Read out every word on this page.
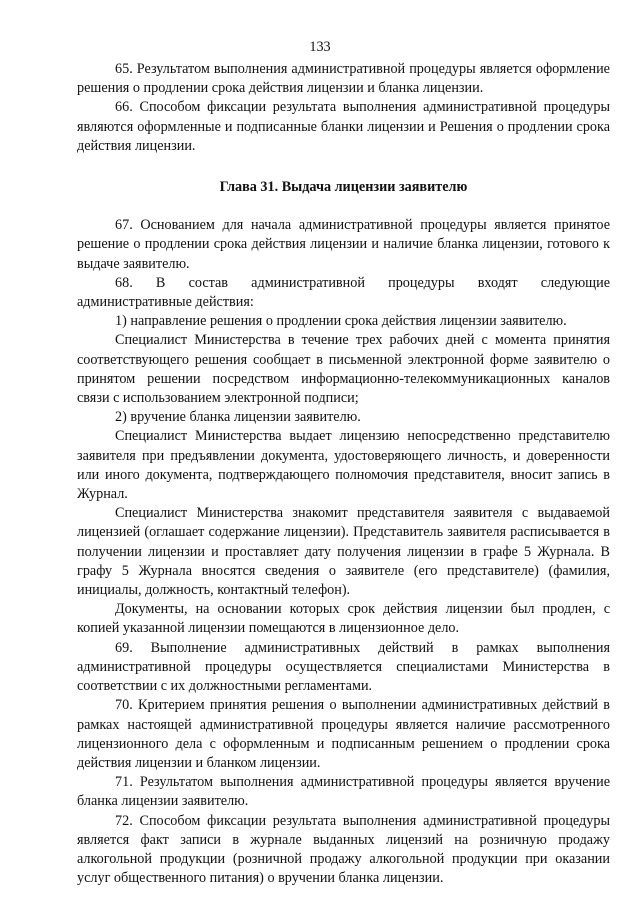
133

65. Результатом выполнения административной процедуры является оформление решения о продлении срока действия лицензии и бланка лицензии.

66. Способом фиксации результата выполнения административной процедуры являются оформленные и подписанные бланки лицензии и Решения о продлении срока действия лицензии.

Глава 31. Выдача лицензии заявителю

67. Основанием для начала административной процедуры является принятое решение о продлении срока действия лицензии и наличие бланка лицензии, готового к выдаче заявителю.

68. В состав административной процедуры входят следующие административные действия:

1) направление решения о продлении срока действия лицензии заявителю.

Специалист Министерства в течение трех рабочих дней с момента принятия соответствующего решения сообщает в письменной электронной форме заявителю о принятом решении посредством информационно-телекоммуникационных каналов связи с использованием электронной подписи;

2) вручение бланка лицензии заявителю.

Специалист Министерства выдает лицензию непосредственно представителю заявителя при предъявлении документа, удостоверяющего личность, и доверенности или иного документа, подтверждающего полномочия представителя, вносит запись в Журнал.

Специалист Министерства знакомит представителя заявителя с выдаваемой лицензией (оглашает содержание лицензии). Представитель заявителя расписывается в получении лицензии и проставляет дату получения лицензии в графе 5 Журнала. В графу 5 Журнала вносятся сведения о заявителе (его представителе) (фамилия, инициалы, должность, контактный телефон).

Документы, на основании которых срок действия лицензии был продлен, с копией указанной лицензии помещаются в лицензионное дело.

69. Выполнение административных действий в рамках выполнения административной процедуры осуществляется специалистами Министерства в соответствии с их должностными регламентами.

70. Критерием принятия решения о выполнении административных действий в рамках настоящей административной процедуры является наличие рассмотренного лицензионного дела с оформленным и подписанным решением о продлении срока действия лицензии и бланком лицензии.

71. Результатом выполнения административной процедуры является вручение бланка лицензии заявителю.

72. Способом фиксации результата выполнения административной процедуры является факт записи в журнале выданных лицензий на розничную продажу алкогольной продукции (розничной продажу алкогольной продукции при оказании услуг общественного питания) о вручении бланка лицензии.
